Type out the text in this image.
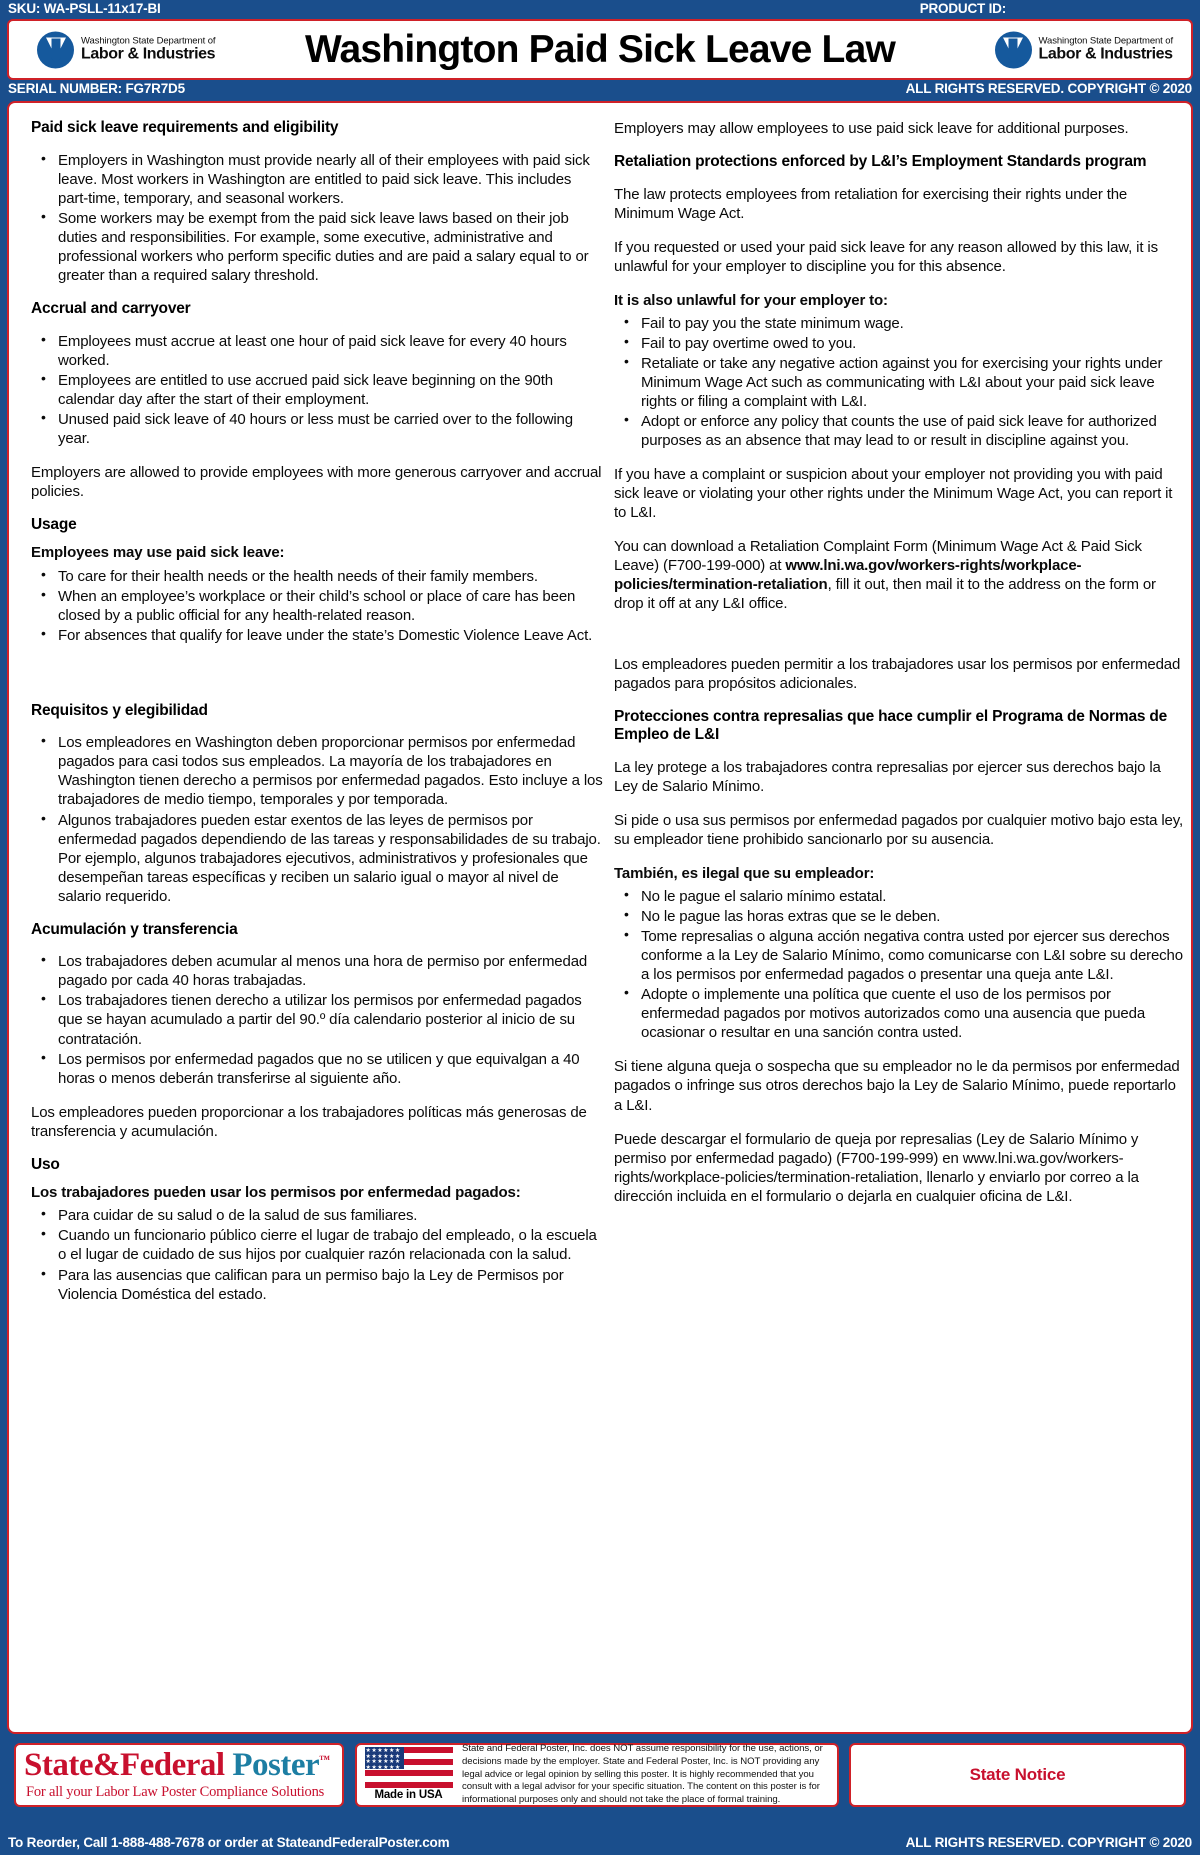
SKU: WA-PSLL-11x17-BI	PRODUCT ID:
Washington State Department of
Labor & Industries	Washington Paid Sick Leave Law	Washington State Department of
Labor & Industries
SERIAL NUMBER: FG7R7D5	ALL RIGHTS RESERVED. COPYRIGHT © 2020
Paid sick leave requirements and eligibility
• Employers in Washington must provide nearly all of their employees with paid sick leave. Most workers in Washington are entitled to paid sick leave. This includes part-time, temporary, and seasonal workers.
• Some workers may be exempt from the paid sick leave laws based on their job duties and responsibilities. For example, some executive, administrative and professional workers who perform specific duties and are paid a salary equal to or greater than a required salary threshold.
Accrual and carryover
• Employees must accrue at least one hour of paid sick leave for every 40 hours worked.
• Employees are entitled to use accrued paid sick leave beginning on the 90th calendar day after the start of their employment.
• Unused paid sick leave of 40 hours or less must be carried over to the following year.

Employers are allowed to provide employees with more generous carryover and accrual policies.

Usage

Employees may use paid sick leave:

• To care for their health needs or the health needs of their family members.
• When an employee’s workplace or their child’s school or place of care has been closed by a public official for any health-related reason.
• For absences that qualify for leave under the state’s Domestic Violence Leave Act.
Requisitos y elegibilidad
• Los empleadores en Washington deben proporcionar permisos por enfermedad pagados para casi todos sus empleados. La mayoría de los trabajadores en Washington tienen derecho a permisos por enfermedad pagados. Esto incluye a los trabajadores de medio tiempo, temporales y por temporada.
• Algunos trabajadores pueden estar exentos de las leyes de permisos por enfermedad pagados dependiendo de las tareas y responsabilidades de su trabajo. Por ejemplo, algunos trabajadores ejecutivos, administrativos y profesionales que desempeñan tareas específicas y reciben un salario igual o mayor al nivel de salario requerido.
Acumulación y transferencia
• Los trabajadores deben acumular al menos una hora de permiso por enfermedad pagado por cada 40 horas trabajadas.
• Los trabajadores tienen derecho a utilizar los permisos por enfermedad pagados que se hayan acumulado a partir del 90.º día calendario posterior al inicio de su contratación.
• Los permisos por enfermedad pagados que no se utilicen y que equivalgan a 40 horas o menos deberán transferirse al siguiente año.

Los empleadores pueden proporcionar a los trabajadores políticas más generosas de transferencia y acumulación.

Uso

Los trabajadores pueden usar los permisos por enfermedad pagados:

• Para cuidar de su salud o de la salud de sus familiares.
• Cuando un funcionario público cierre el lugar de trabajo del empleado, o la escuela o el lugar de cuidado de sus hijos por cualquier razón relacionada con la salud.
• Para las ausencias que califican para un permiso bajo la Ley de Permisos por Violencia Doméstica del estado.

Employers may allow employees to use paid sick leave for additional purposes.

Retaliation protections enforced by L&I’s Employment Standards program

The law protects employees from retaliation for exercising their rights under the Minimum Wage Act.

If you requested or used your paid sick leave for any reason allowed by this law, it is unlawful for your employer to discipline you for this absence.

It is also unlawful for your employer to:

• Fail to pay you the state minimum wage.
• Fail to pay overtime owed to you.
• Retaliate or take any negative action against you for exercising your rights under Minimum Wage Act such as communicating with L&I about your paid sick leave rights or filing a complaint with L&I.
• Adopt or enforce any policy that counts the use of paid sick leave for authorized purposes as an absence that may lead to or result in discipline against you.

If you have a complaint or suspicion about your employer not providing you with paid sick leave or violating your other rights under the Minimum Wage Act, you can report it to L&I.

You can download a Retaliation Complaint Form (Minimum Wage Act & Paid Sick Leave) (F700-199-000) at www.lni.wa.gov/workers-rights/workplace-policies/termination-retaliation, fill it out, then mail it to the address on the form or drop it off at any L&I office.

Los empleadores pueden permitir a los trabajadores usar los permisos por enfermedad pagados para propósitos adicionales.

Protecciones contra represalias que hace cumplir el Programa de Normas de Empleo de L&I

La ley protege a los trabajadores contra represalias por ejercer sus derechos bajo la Ley de Salario Mínimo.

Si pide o usa sus permisos por enfermedad pagados por cualquier motivo bajo esta ley, su empleador tiene prohibido sancionarlo por su ausencia.

También, es ilegal que su empleador:

• No le pague el salario mínimo estatal.
• No le pague las horas extras que se le deben.
• Tome represalias o alguna acción negativa contra usted por ejercer sus derechos conforme a la Ley de Salario Mínimo, como comunicarse con L&I sobre su derecho a los permisos por enfermedad pagados o presentar una queja ante L&I.
• Adopte o implemente una política que cuente el uso de los permisos por enfermedad pagados por motivos autorizados como una ausencia que pueda ocasionar o resultar en una sanción contra usted.

Si tiene alguna queja o sospecha que su empleador no le da permisos por enfermedad pagados o infringe sus otros derechos bajo la Ley de Salario Mínimo, puede reportarlo a L&I.

Puede descargar el formulario de queja por represalias (Ley de Salario Mínimo y permiso por enfermedad pagado) (F700-199-999) en www.lni.wa.gov/workers-rights/workplace-policies/termination-retaliation, llenarlo y enviarlo por correo a la dirección incluida en el formulario o dejarla en cualquier oficina de L&I.

State&Federal Poster™
For all your Labor Law Poster Compliance Solutions
★★★★★★
★★★★★★
★★★★★★
★★★★★★
Made in USA
State and Federal Poster, Inc. does NOT assume responsibility for the use, actions, or decisions made by the employer. State and Federal Poster, Inc. is NOT providing any legal advice or legal opinion by selling this poster. It is highly recommended that you consult with a legal advisor for your specific situation. The content on this poster is for informational purposes only and should not take the place of formal training.
State Notice
To Reorder, Call 1-888-488-7678 or order at StateandFederalPoster.com	ALL RIGHTS RESERVED. COPYRIGHT © 2020
